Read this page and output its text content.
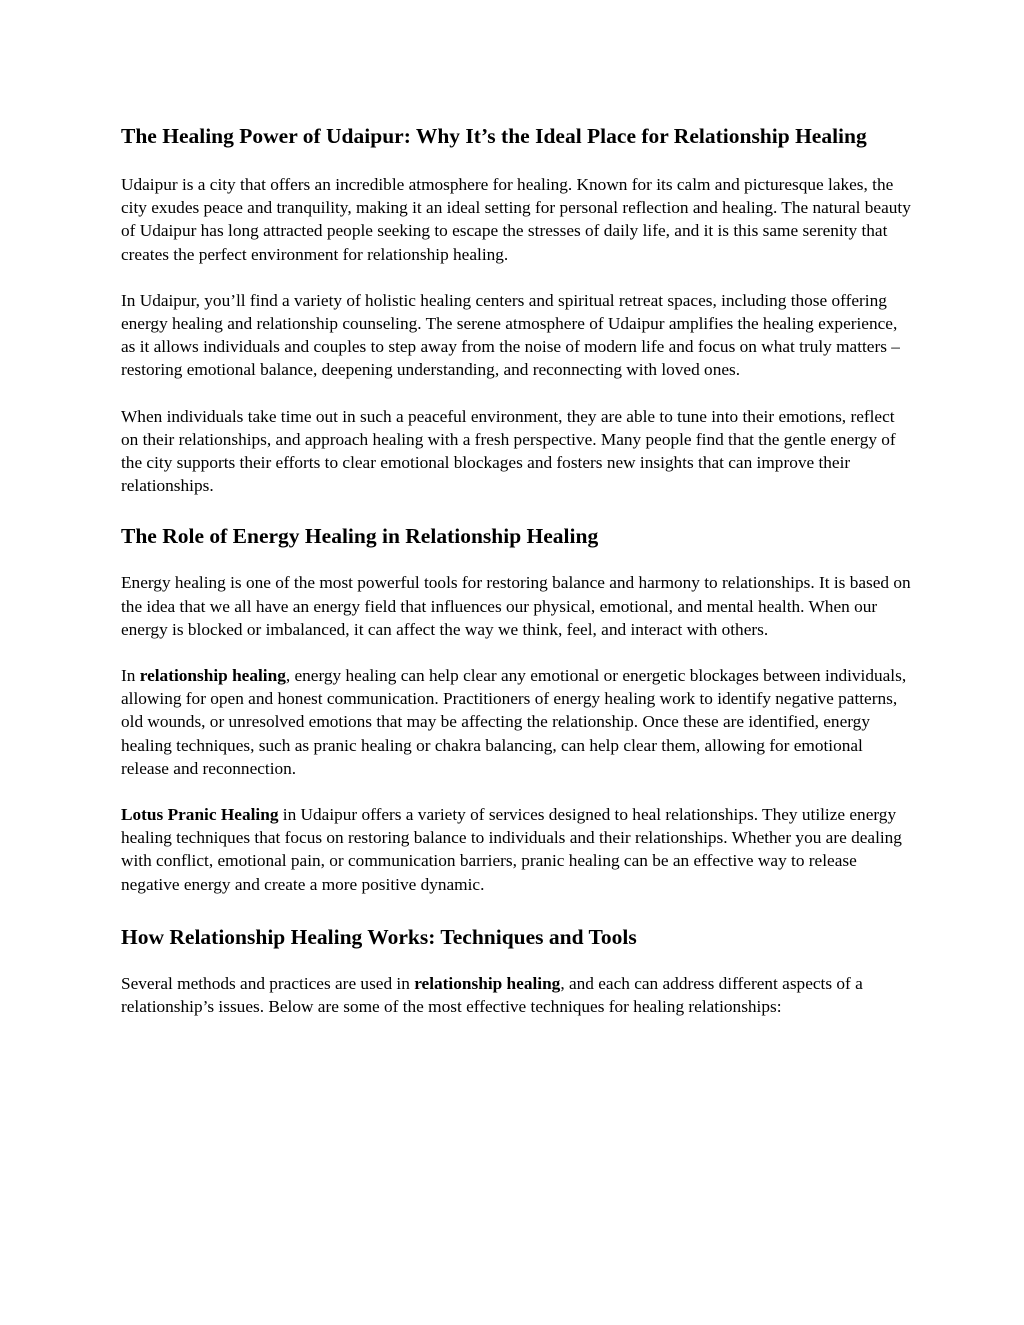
The Healing Power of Udaipur: Why It’s the Ideal Place for Relationship Healing

Udaipur is a city that offers an incredible atmosphere for healing. Known for its calm and picturesque lakes, the city exudes peace and tranquility, making it an ideal setting for personal reflection and healing. The natural beauty of Udaipur has long attracted people seeking to escape the stresses of daily life, and it is this same serenity that creates the perfect environment for relationship healing.

In Udaipur, you’ll find a variety of holistic healing centers and spiritual retreat spaces, including those offering energy healing and relationship counseling. The serene atmosphere of Udaipur amplifies the healing experience, as it allows individuals and couples to step away from the noise of modern life and focus on what truly matters – restoring emotional balance, deepening understanding, and reconnecting with loved ones.

When individuals take time out in such a peaceful environment, they are able to tune into their emotions, reflect on their relationships, and approach healing with a fresh perspective. Many people find that the gentle energy of the city supports their efforts to clear emotional blockages and fosters new insights that can improve their relationships.

The Role of Energy Healing in Relationship Healing

Energy healing is one of the most powerful tools for restoring balance and harmony to relationships. It is based on the idea that we all have an energy field that influences our physical, emotional, and mental health. When our energy is blocked or imbalanced, it can affect the way we think, feel, and interact with others.

In relationship healing, energy healing can help clear any emotional or energetic blockages between individuals, allowing for open and honest communication. Practitioners of energy healing work to identify negative patterns, old wounds, or unresolved emotions that may be affecting the relationship. Once these are identified, energy healing techniques, such as pranic healing or chakra balancing, can help clear them, allowing for emotional release and reconnection.

Lotus Pranic Healing in Udaipur offers a variety of services designed to heal relationships. They utilize energy healing techniques that focus on restoring balance to individuals and their relationships. Whether you are dealing with conflict, emotional pain, or communication barriers, pranic healing can be an effective way to release negative energy and create a more positive dynamic.

How Relationship Healing Works: Techniques and Tools

Several methods and practices are used in relationship healing, and each can address different aspects of a relationship’s issues. Below are some of the most effective techniques for healing relationships:
